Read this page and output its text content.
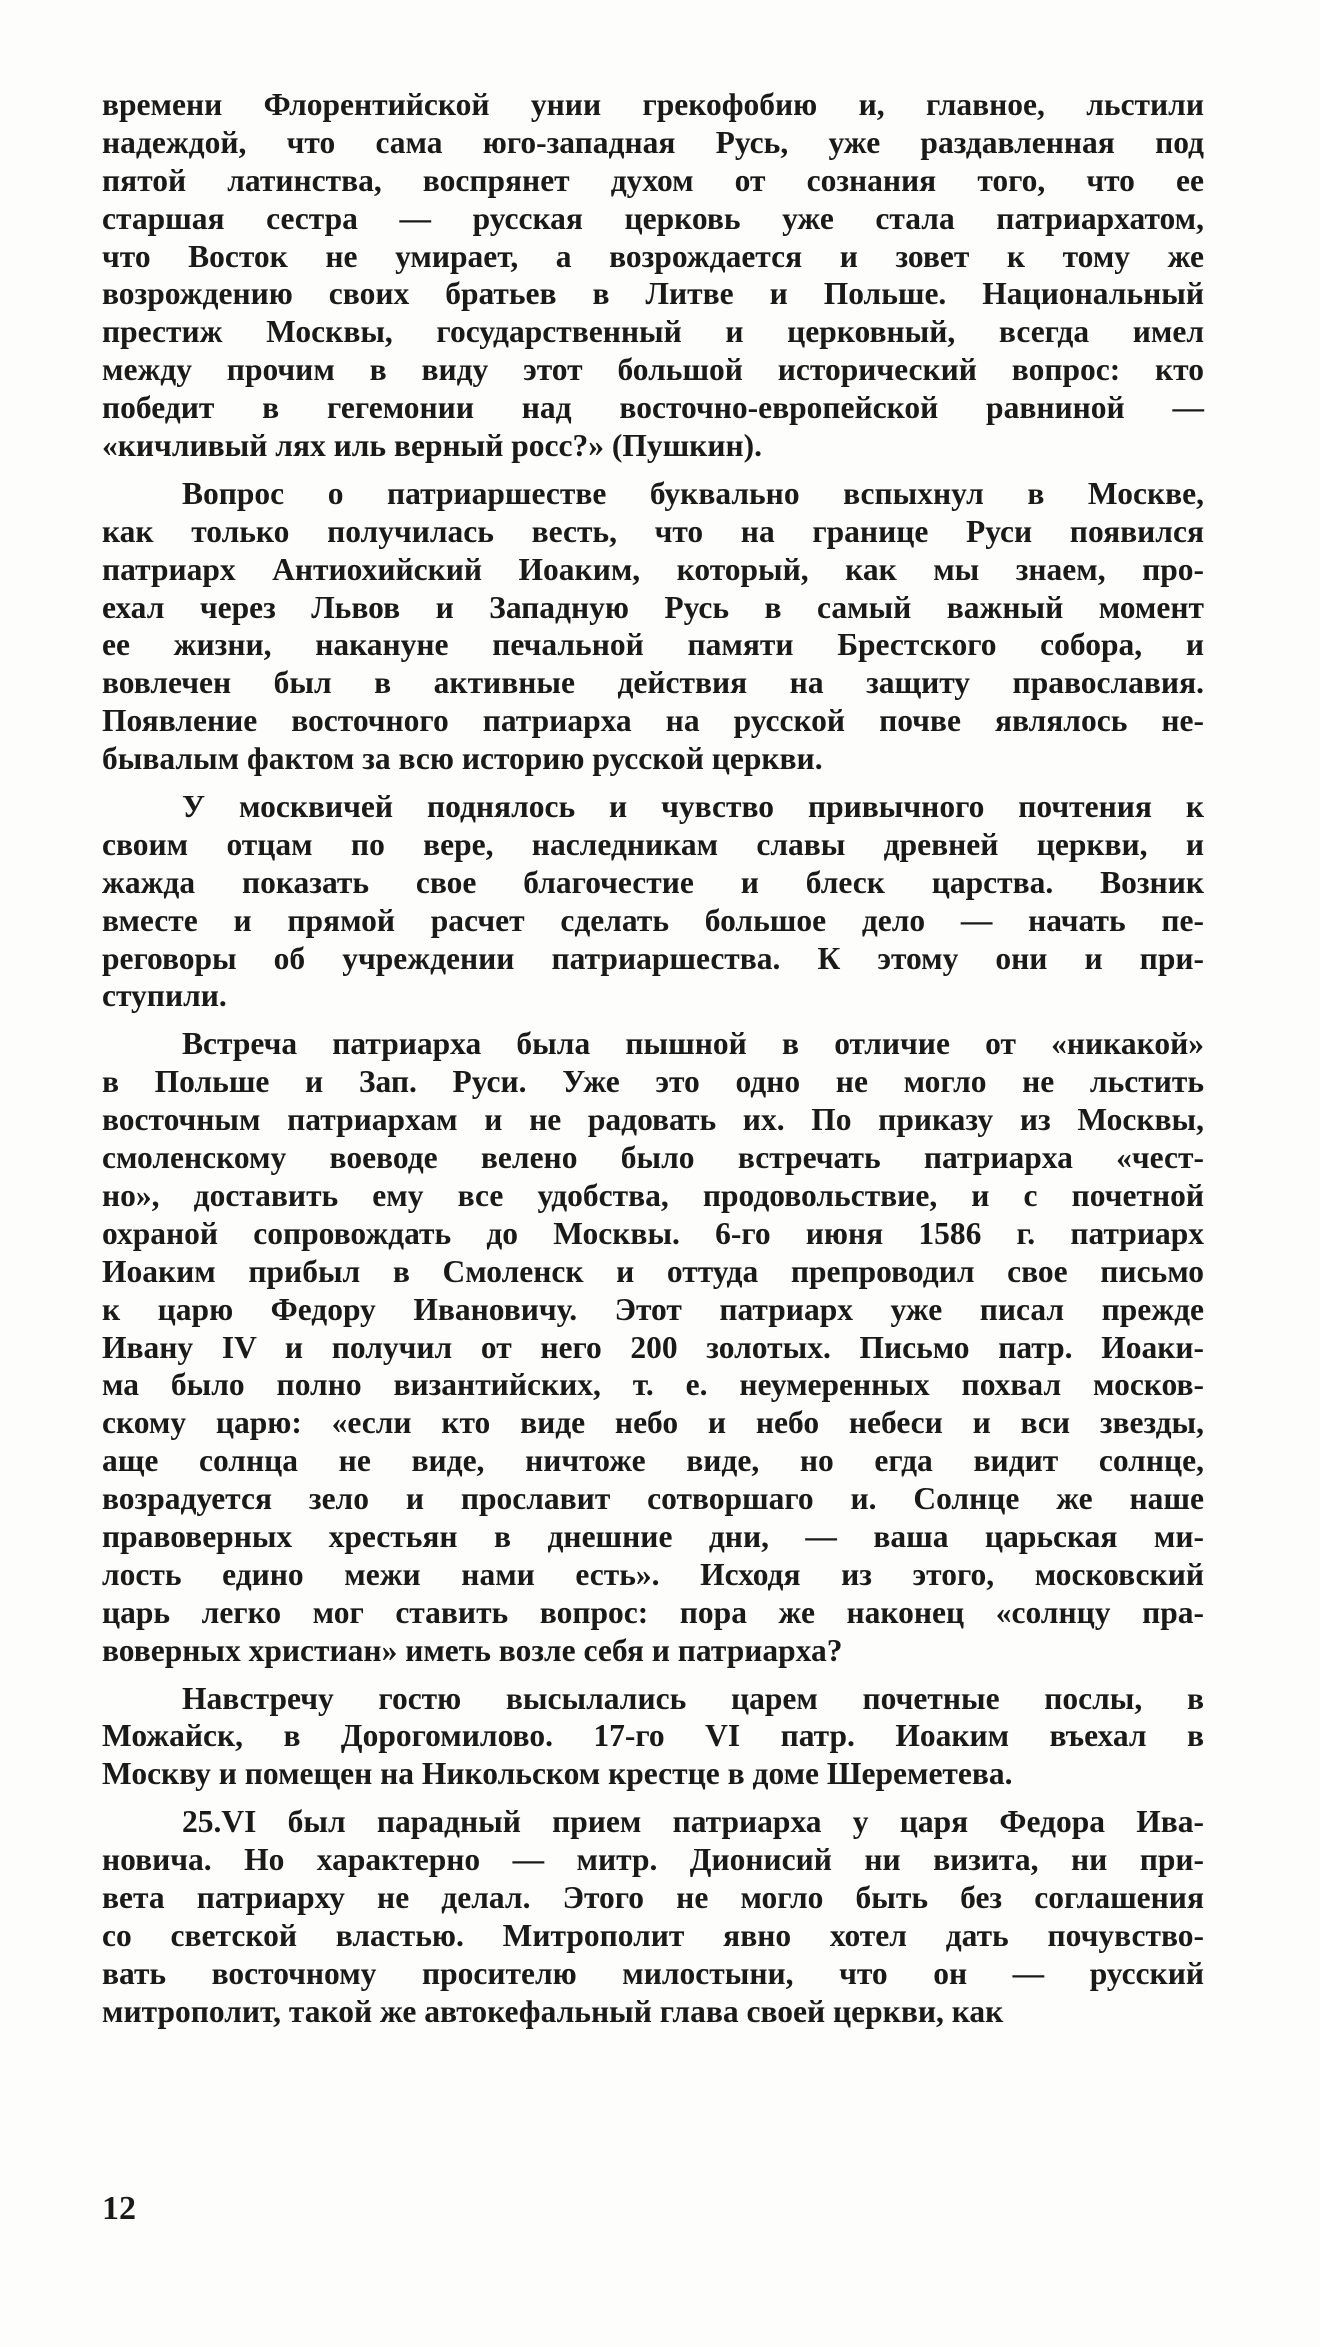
времени Флорентийской унии грекофобию и, главное, льстили
надеждой, что сама юго-западная Русь, уже раздавленная под
пятой латинства, воспрянет духом от сознания того, что ее
старшая сестра — русская церковь уже стала патриархатом,
что Восток не умирает, а возрождается и зовет к тому же
возрождению своих братьев в Литве и Польше. Национальный
престиж Москвы, государственный и церковный, всегда имел
между прочим в виду этот большой исторический вопрос: кто
победит в гегемонии над восточно-европейской равниной —
«кичливый лях иль верный росс?» (Пушкин).
Вопрос о патриаршестве буквально вспыхнул в Москве,
как только получилась весть, что на границе Руси появился
патриарх Антиохийский Иоаким, который, как мы знаем, про-
ехал через Львов и Западную Русь в самый важный момент
ее жизни, накануне печальной памяти Брестского собора, и
вовлечен был в активные действия на защиту православия.
Появление восточного патриарха на русской почве являлось не-
бывалым фактом за всю историю русской церкви.
У москвичей поднялось и чувство привычного почтения к
своим отцам по вере, наследникам славы древней церкви, и
жажда показать свое благочестие и блеск царства. Возник
вместе и прямой расчет сделать большое дело — начать пе-
реговоры об учреждении патриаршества. К этому они и при-
ступили.
Встреча патриарха была пышной в отличие от «никакой»
в Польше и Зап. Руси. Уже это одно не могло не льстить
восточным патриархам и не радовать их. По приказу из Москвы,
смоленскому воеводе велено было встречать патриарха «чест-
но», доставить ему все удобства, продовольствие, и с почетной
охраной сопровождать до Москвы. 6-го июня 1586 г. патриарх
Иоаким прибыл в Смоленск и оттуда препроводил свое письмо
к царю Федору Ивановичу. Этот патриарх уже писал прежде
Ивану IV и получил от него 200 золотых. Письмо патр. Иоаки-
ма было полно византийских, т. е. неумеренных похвал москов-
скому царю: «если кто виде небо и небо небеси и вси звезды,
аще солнца не виде, ничтоже виде, но егда видит солнце,
возрадуется зело и прославит сотворшаго и. Солнце же наше
правоверных хрестьян в днешние дни, — ваша царьская ми-
лость едино межи нами есть». Исходя из этого, московский
царь легко мог ставить вопрос: пора же наконец «солнцу пра-
воверных христиан» иметь возле себя и патриарха?
Навстречу гостю высылались царем почетные послы, в
Можайск, в Дорогомилово. 17-го VI патр. Иоаким въехал в
Москву и помещен на Никольском крестце в доме Шереметева.
25.VI был парадный прием патриарха у царя Федора Ива-
новича. Но характерно — митр. Дионисий ни визита, ни при-
вета патриарху не делал. Этого не могло быть без соглашения
со светской властью. Митрополит явно хотел дать почувство-
вать восточному просителю милостыни, что он — русский
митрополит, такой же автокефальный глава своей церкви, как
12
